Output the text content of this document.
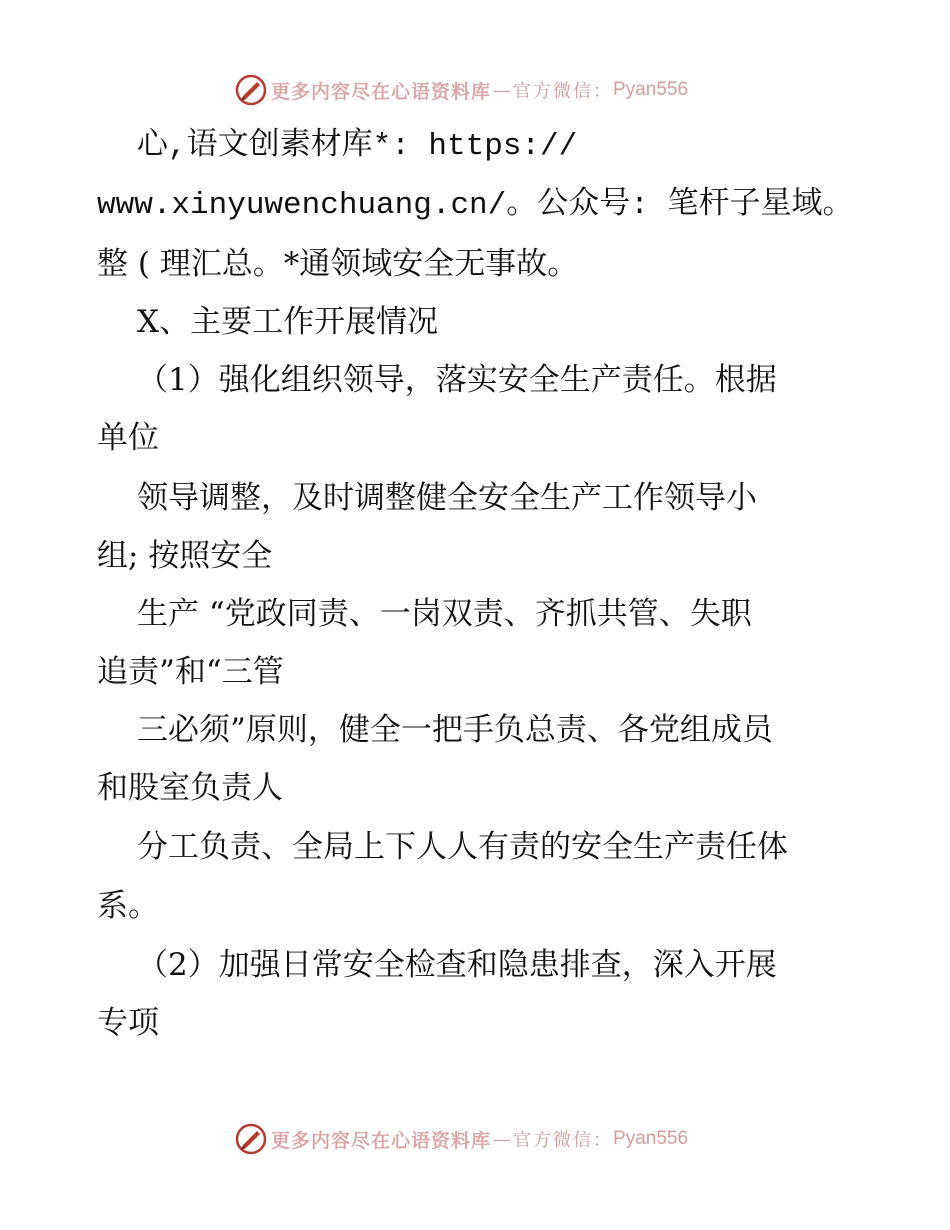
更多内容尽在心语资料库 — 官方微信： Pyan556
心,语文创素材库*: https://
www.xinyuwenchuang.cn/。公众号: 笔杆子星域。
整 ( 理汇总。*通领域安全无事故。
X、主要工作开展情况
（1）强化组织领导，落实安全生产责任。根据
单位
领导调整，及时调整健全安全生产工作领导小
组; 按照安全
生产 “党政同责、一岗双责、齐抓共管、失职
追责”和“三管
三必须”原则，健全一把手负总责、各党组成员
和股室负责人
分工负责、全局上下人人有责的安全生产责任体
系。
（2）加强日常安全检查和隐患排查，深入开展
专项
更多内容尽在心语资料库 — 官方微信： Pyan556
